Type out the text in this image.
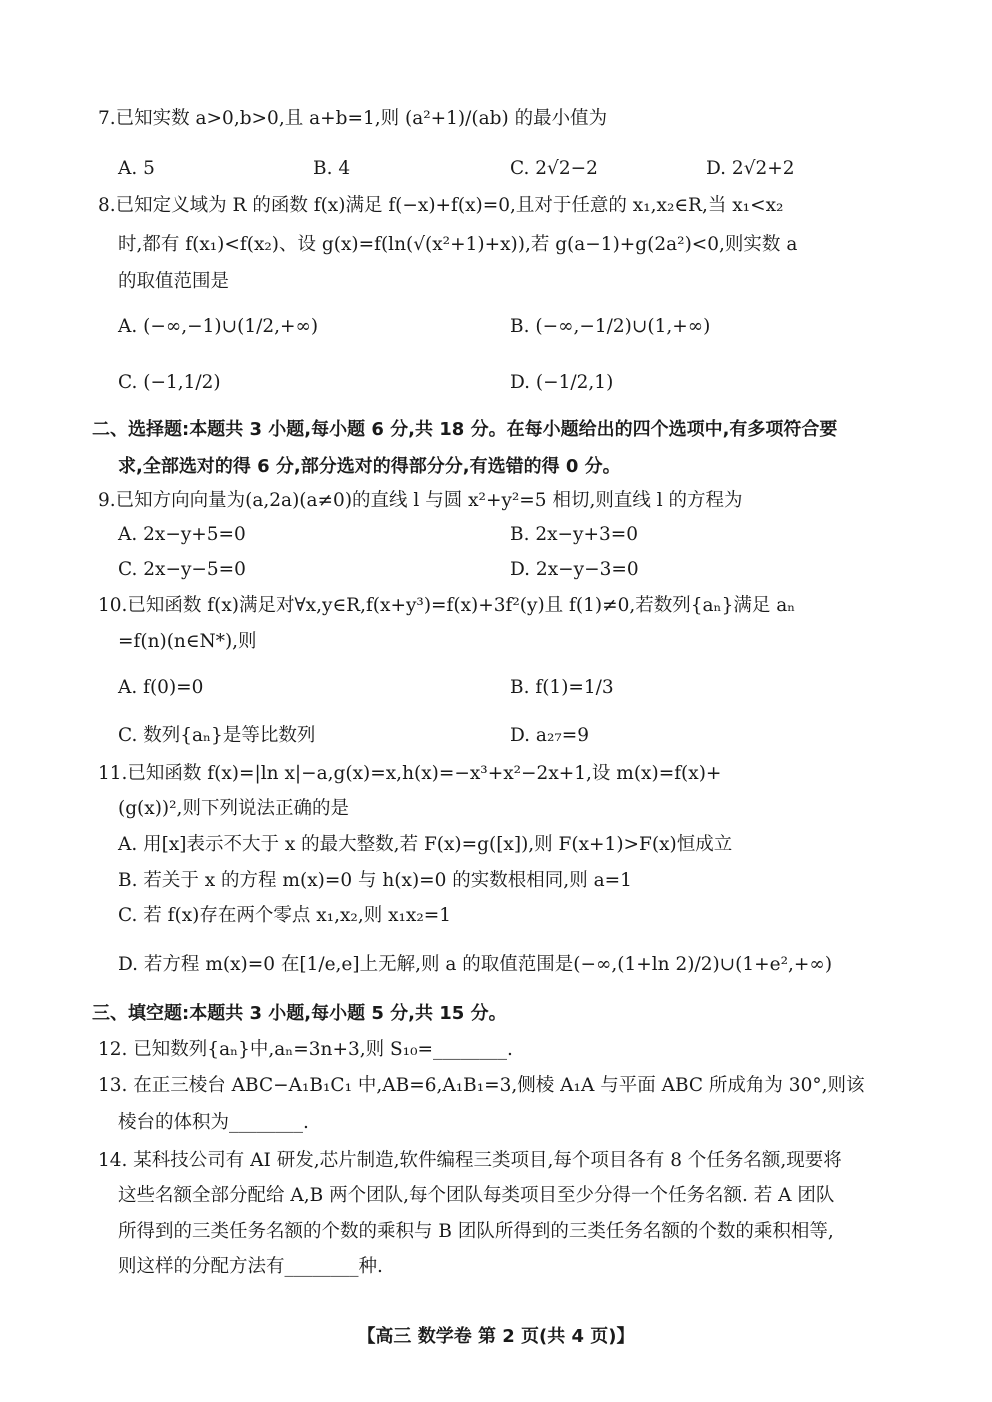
7.已知实数 a>0,b>0,且 a+b=1,则 (a²+1)/(ab) 的最小值为
A. 5	B. 4	C. 2√2−2	D. 2√2+2
8.已知定义域为 R 的函数 f(x)满足 f(−x)+f(x)=0,且对于任意的 x₁,x₂∈R,当 x₁<x₂
时,都有 f(x₁)<f(x₂)、设 g(x)=f(ln(√(x²+1)+x)),若 g(a−1)+g(2a²)<0,则实数 a
的取值范围是
A. (−∞,−1)∪(1/2,+∞)	B. (−∞,−1/2)∪(1,+∞)
C. (−1,1/2)	D. (−1/2,1)
二、选择题:本题共 3 小题,每小题 6 分,共 18 分。在每小题给出的四个选项中,有多项符合要
求,全部选对的得 6 分,部分选对的得部分分,有选错的得 0 分。
9.已知方向向量为(a,2a)(a≠0)的直线 l 与圆 x²+y²=5 相切,则直线 l 的方程为
A. 2x−y+5=0	B. 2x−y+3=0
C. 2x−y−5=0	D. 2x−y−3=0
10.已知函数 f(x)满足对∀x,y∈R,f(x+y³)=f(x)+3f²(y)且 f(1)≠0,若数列{aₙ}满足 aₙ
=f(n)(n∈N*),则
A. f(0)=0	B. f(1)=1/3
C. 数列{aₙ}是等比数列	D. a₂₇=9
11.已知函数 f(x)=|ln x|−a,g(x)=x,h(x)=−x³+x²−2x+1,设 m(x)=f(x)+
(g(x))²,则下列说法正确的是
A. 用[x]表示不大于 x 的最大整数,若 F(x)=g([x]),则 F(x+1)>F(x)恒成立
B. 若关于 x 的方程 m(x)=0 与 h(x)=0 的实数根相同,则 a=1
C. 若 f(x)存在两个零点 x₁,x₂,则 x₁x₂=1
D. 若方程 m(x)=0 在[1/e,e]上无解,则 a 的取值范围是(−∞,(1+ln 2)/2)∪(1+e²,+∞)
三、填空题:本题共 3 小题,每小题 5 分,共 15 分。
12. 已知数列{aₙ}中,aₙ=3n+3,则 S₁₀=________.
13. 在正三棱台 ABC−A₁B₁C₁ 中,AB=6,A₁B₁=3,侧棱 A₁A 与平面 ABC 所成角为 30°,则该
棱台的体积为________.
14. 某科技公司有 AI 研发,芯片制造,软件编程三类项目,每个项目各有 8 个任务名额,现要将
这些名额全部分配给 A,B 两个团队,每个团队每类项目至少分得一个任务名额. 若 A 团队
所得到的三类任务名额的个数的乘积与 B 团队所得到的三类任务名额的个数的乘积相等,
则这样的分配方法有________种.
【高三 数学卷 第 2 页(共 4 页)】
